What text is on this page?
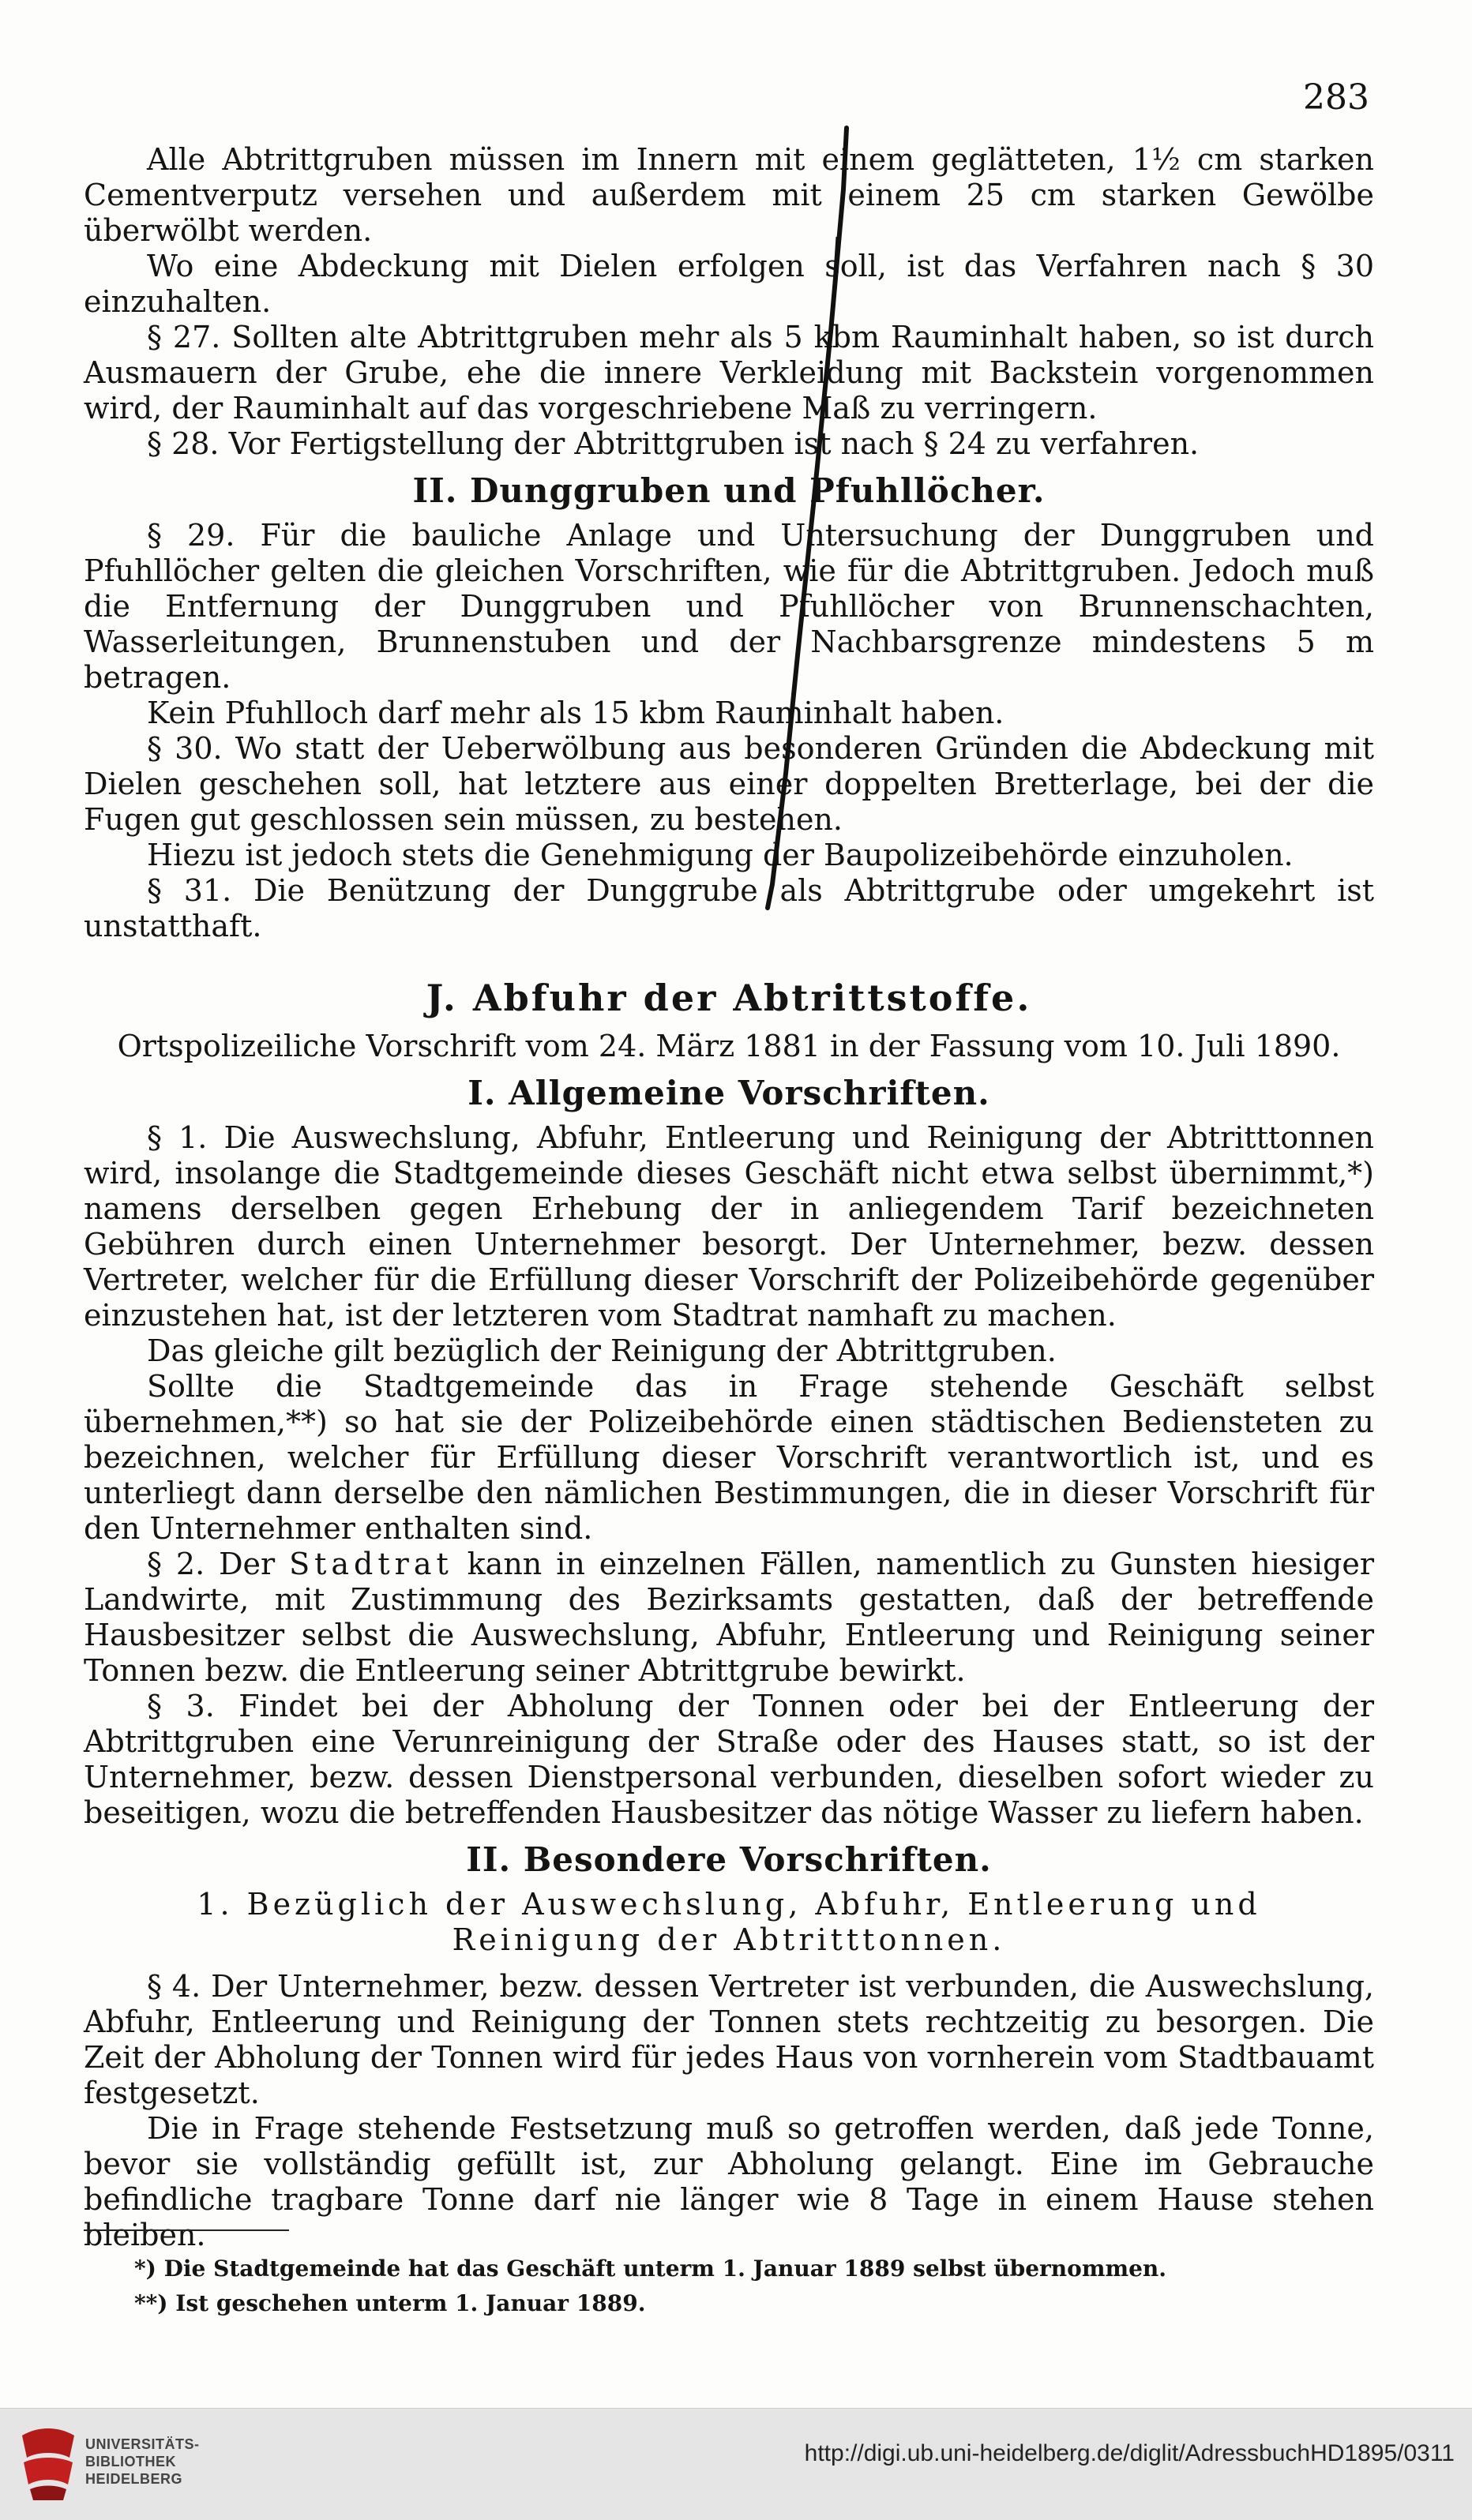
283

Alle Abtrittgruben müssen im Innern mit einem geglätteten, 1½ cm starken Cementverputz versehen und außerdem mit einem 25 cm starken Gewölbe überwölbt werden.

Wo eine Abdeckung mit Dielen erfolgen soll, ist das Verfahren nach § 30 einzuhalten.

§ 27. Sollten alte Abtrittgruben mehr als 5 kbm Rauminhalt haben, so ist durch Ausmauern der Grube, ehe die innere Verkleidung mit Backstein vorgenommen wird, der Rauminhalt auf das vorgeschriebene Maß zu verringern.

§ 28. Vor Fertigstellung der Abtrittgruben ist nach § 24 zu verfahren.

II. Dunggruben und Pfuhllöcher.

§ 29. Für die bauliche Anlage und Untersuchung der Dunggruben und Pfuhllöcher gelten die gleichen Vorschriften, wie für die Abtrittgruben. Jedoch muß die Entfernung der Dunggruben und Pfuhllöcher von Brunnenschachten, Wasserleitungen, Brunnenstuben und der Nachbarsgrenze mindestens 5 m betragen.

Kein Pfuhlloch darf mehr als 15 kbm Rauminhalt haben.

§ 30. Wo statt der Ueberwölbung aus besonderen Gründen die Abdeckung mit Dielen geschehen soll, hat letztere aus einer doppelten Bretterlage, bei der die Fugen gut geschlossen sein müssen, zu bestehen.

Hiezu ist jedoch stets die Genehmigung der Baupolizeibehörde einzuholen.

§ 31. Die Benützung der Dunggrube als Abtrittgrube oder umgekehrt ist unstatthaft.

J. Abfuhr der Abtrittstoffe.
Ortspolizeiliche Vorschrift vom 24. März 1881 in der Fassung vom 10. Juli 1890.
I. Allgemeine Vorschriften.

§ 1. Die Auswechslung, Abfuhr, Entleerung und Reinigung der Abtritttonnen wird, insolange die Stadtgemeinde dieses Geschäft nicht etwa selbst übernimmt,*) namens derselben gegen Erhebung der in anliegendem Tarif bezeichneten Gebühren durch einen Unternehmer besorgt. Der Unternehmer, bezw. dessen Vertreter, welcher für die Erfüllung dieser Vorschrift der Polizeibehörde gegenüber einzustehen hat, ist der letzteren vom Stadtrat namhaft zu machen.

Das gleiche gilt bezüglich der Reinigung der Abtrittgruben.

Sollte die Stadtgemeinde das in Frage stehende Geschäft selbst übernehmen,**) so hat sie der Polizeibehörde einen städtischen Bediensteten zu bezeichnen, welcher für Erfüllung dieser Vorschrift verantwortlich ist, und es unterliegt dann derselbe den nämlichen Bestimmungen, die in dieser Vorschrift für den Unternehmer enthalten sind.

§ 2. Der Stadtrat kann in einzelnen Fällen, namentlich zu Gunsten hiesiger Landwirte, mit Zustimmung des Bezirksamts gestatten, daß der betreffende Hausbesitzer selbst die Auswechslung, Abfuhr, Entleerung und Reinigung seiner Tonnen bezw. die Entleerung seiner Abtrittgrube bewirkt.

§ 3. Findet bei der Abholung der Tonnen oder bei der Entleerung der Abtrittgruben eine Verunreinigung der Straße oder des Hauses statt, so ist der Unternehmer, bezw. dessen Dienstpersonal verbunden, dieselben sofort wieder zu beseitigen, wozu die betreffenden Hausbesitzer das nötige Wasser zu liefern haben.

II. Besondere Vorschriften.
1. Bezüglich der Auswechslung, Abfuhr, Entleerung und
Reinigung der Abtritttonnen.

§ 4. Der Unternehmer, bezw. dessen Vertreter ist verbunden, die Auswechslung, Abfuhr, Entleerung und Reinigung der Tonnen stets rechtzeitig zu besorgen. Die Zeit der Abholung der Tonnen wird für jedes Haus von vornherein vom Stadtbauamt festgesetzt.

Die in Frage stehende Festsetzung muß so getroffen werden, daß jede Tonne, bevor sie vollständig gefüllt ist, zur Abholung gelangt. Eine im Gebrauche befindliche tragbare Tonne darf nie länger wie 8 Tage in einem Hause stehen bleiben.

*) Die Stadtgemeinde hat das Geschäft unterm 1. Januar 1889 selbst übernommen.
**) Ist geschehen unterm 1. Januar 1889.
UNIVERSITÄTS-
BIBLIOTHEK
HEIDELBERG
http://digi.ub.uni-heidelberg.de/diglit/AdressbuchHD1895/0311
